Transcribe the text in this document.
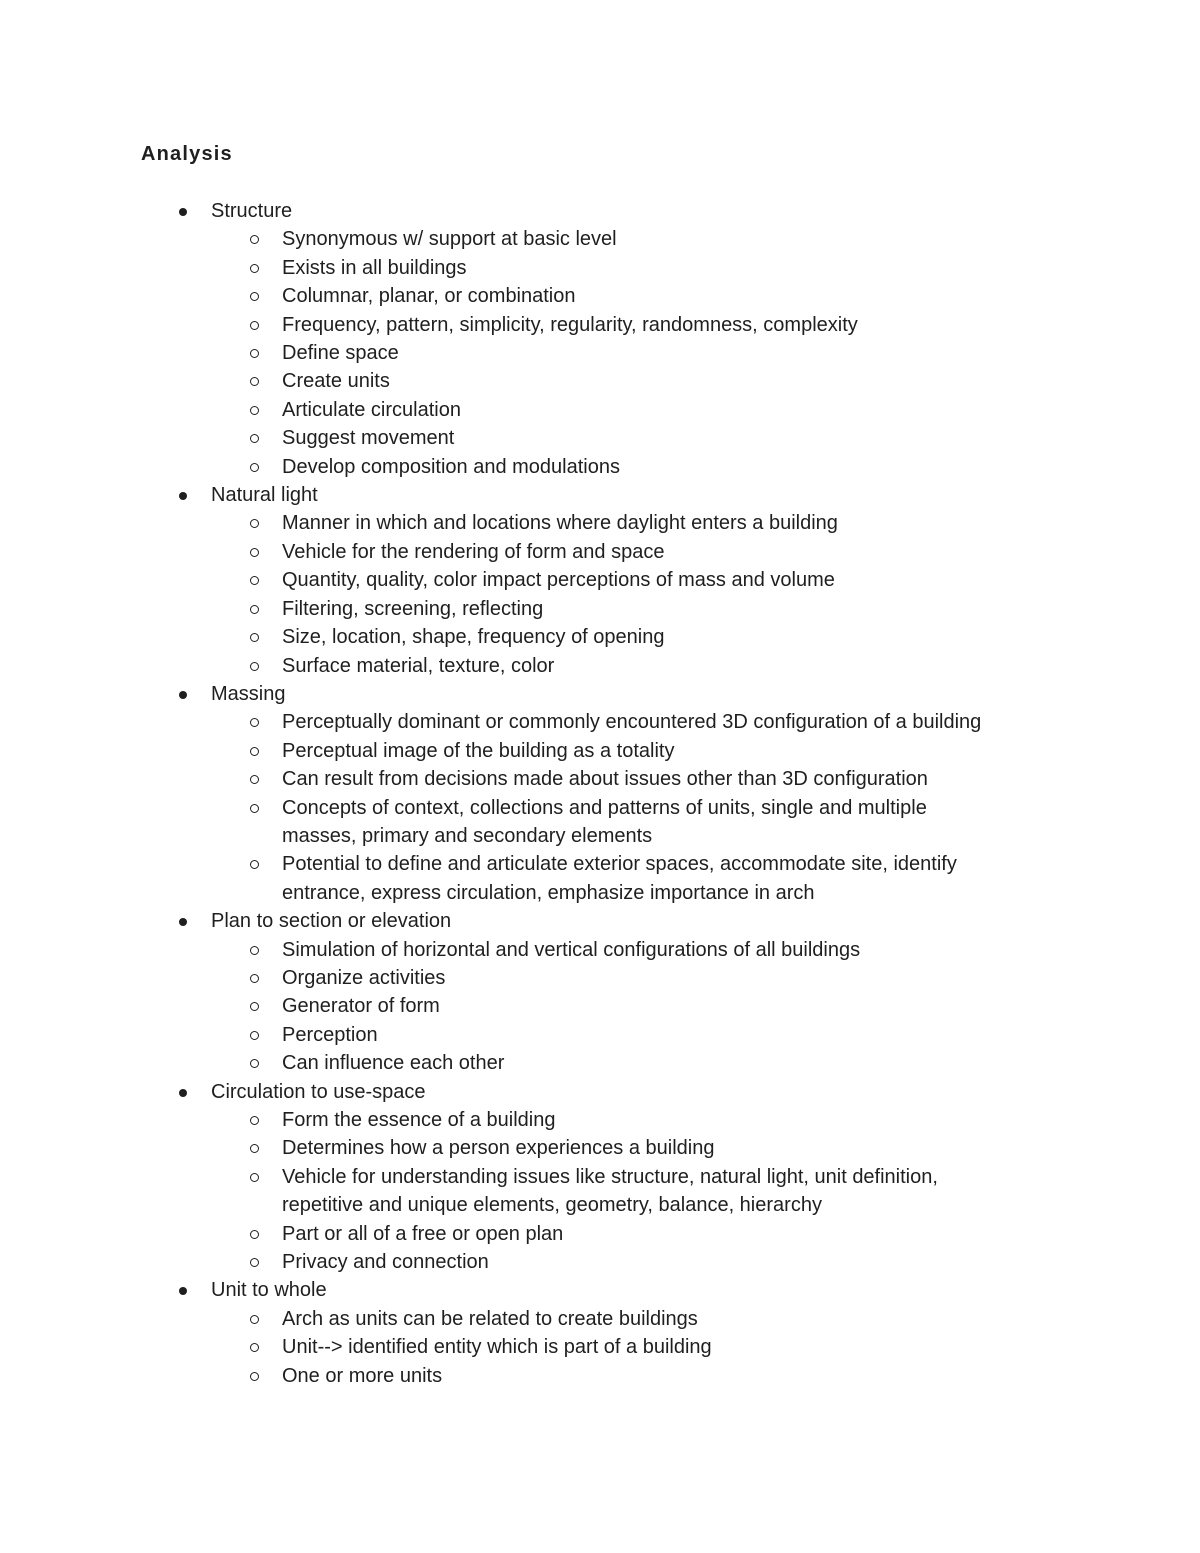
Analysis
Structure
Synonymous w/ support at basic level
Exists in all buildings
Columnar, planar, or combination
Frequency, pattern, simplicity, regularity, randomness, complexity
Define space
Create units
Articulate circulation
Suggest movement
Develop composition and modulations
Natural light
Manner in which and locations where daylight enters a building
Vehicle for the rendering of form and space
Quantity, quality, color impact perceptions of mass and volume
Filtering, screening, reflecting
Size, location, shape, frequency of opening
Surface material, texture, color
Massing
Perceptually dominant or commonly encountered 3D configuration of a building
Perceptual image of the building as a totality
Can result from decisions made about issues other than 3D configuration
Concepts of context, collections and patterns of units, single and multiple
masses, primary and secondary elements
Potential to define and articulate exterior spaces, accommodate site, identify
entrance, express circulation, emphasize importance in arch
Plan to section or elevation
Simulation of horizontal and vertical configurations of all buildings
Organize activities
Generator of form
Perception
Can influence each other
Circulation to use-space
Form the essence of a building
Determines how a person experiences a building
Vehicle for understanding issues like structure, natural light, unit definition,
repetitive and unique elements, geometry, balance, hierarchy
Part or all of a free or open plan
Privacy and connection
Unit to whole
Arch as units can be related to create buildings
Unit--> identified entity which is part of a building
One or more units
